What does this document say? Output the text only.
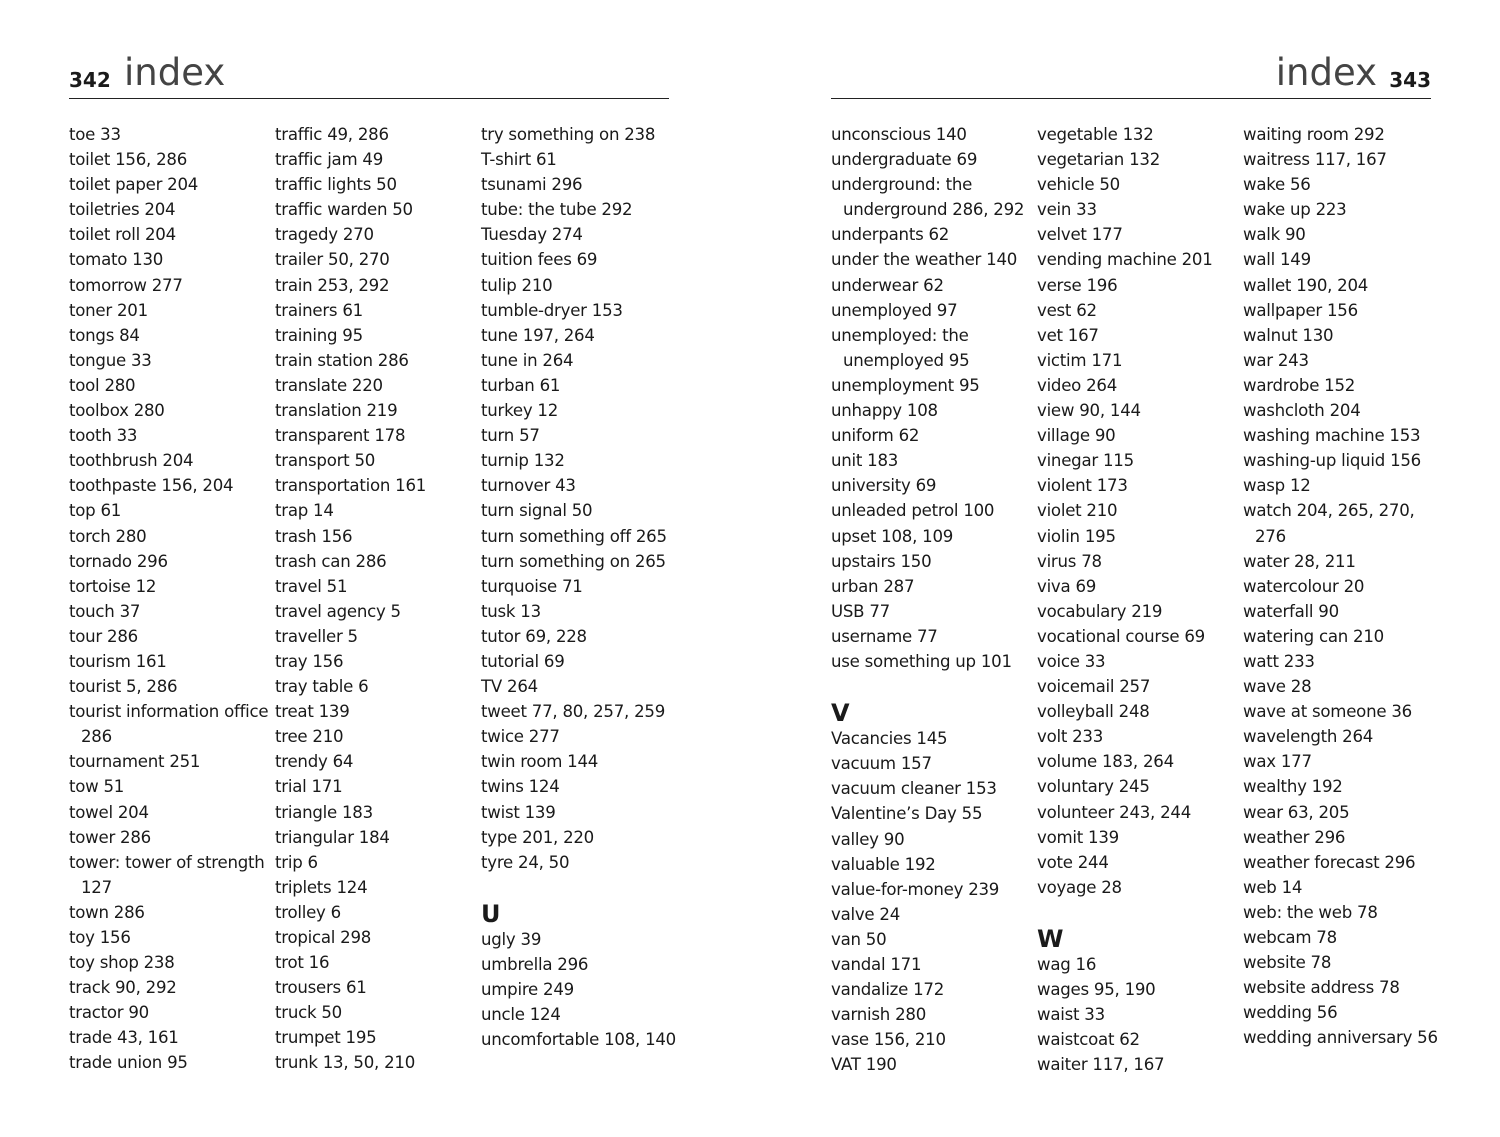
342 index
toe 33
toilet 156, 286
toilet paper 204
toiletries 204
toilet roll 204
tomato 130
tomorrow 277
toner 201
tongs 84
tongue 33
tool 280
toolbox 280
tooth 33
toothbrush 204
toothpaste 156, 204
top 61
torch 280
tornado 296
tortoise 12
touch 37
tour 286
tourism 161
tourist 5, 286
tourist information office 286
tournament 251
tow 51
towel 204
tower 286
tower: tower of strength 127
town 286
toy 156
toy shop 238
track 90, 292
tractor 90
trade 43, 161
trade union 95
traffic 49, 286
traffic jam 49
traffic lights 50
traffic warden 50
tragedy 270
trailer 50, 270
train 253, 292
trainers 61
training 95
train station 286
translate 220
translation 219
transparent 178
transport 50
transportation 161
trap 14
trash 156
trash can 286
travel 51
travel agency 5
traveller 5
tray 156
tray table 6
treat 139
tree 210
trendy 64
trial 171
triangle 183
triangular 184
trip 6
triplets 124
trolley 6
tropical 298
trot 16
trousers 61
truck 50
trumpet 195
trunk 13, 50, 210
try something on 238
T-shirt 61
tsunami 296
tube: the tube 292
Tuesday 274
tuition fees 69
tulip 210
tumble-dryer 153
tune 197, 264
tune in 264
turban 61
turkey 12
turn 57
turnip 132
turnover 43
turn signal 50
turn something off 265
turn something on 265
turquoise 71
tusk 13
tutor 69, 228
tutorial 69
TV 264
tweet 77, 80, 257, 259
twice 277
twin room 144
twins 124
twist 139
type 201, 220
tyre 24, 50
U
ugly 39
umbrella 296
umpire 249
uncle 124
uncomfortable 108, 140
index 343
unconscious 140
undergraduate 69
underground: the underground 286, 292
underpants 62
under the weather 140
underwear 62
unemployed 97
unemployed: the unemployed 95
unemployment 95
unhappy 108
uniform 62
unit 183
university 69
unleaded petrol 100
upset 108, 109
upstairs 150
urban 287
USB 77
username 77
use something up 101
V
Vacancies 145
vacuum 157
vacuum cleaner 153
Valentine’s Day 55
valley 90
valuable 192
value-for-money 239
valve 24
van 50
vandal 171
vandalize 172
varnish 280
vase 156, 210
VAT 190
vegetable 132
vegetarian 132
vehicle 50
vein 33
velvet 177
vending machine 201
verse 196
vest 62
vet 167
victim 171
video 264
view 90, 144
village 90
vinegar 115
violent 173
violet 210
violin 195
virus 78
viva 69
vocabulary 219
vocational course 69
voice 33
voicemail 257
volleyball 248
volt 233
volume 183, 264
voluntary 245
volunteer 243, 244
vomit 139
vote 244
voyage 28
W
wag 16
wages 95, 190
waist 33
waistcoat 62
waiter 117, 167
waiting room 292
waitress 117, 167
wake 56
wake up 223
walk 90
wall 149
wallet 190, 204
wallpaper 156
walnut 130
war 243
wardrobe 152
washcloth 204
washing machine 153
washing-up liquid 156
wasp 12
watch 204, 265, 270, 276
water 28, 211
watercolour 20
waterfall 90
watering can 210
watt 233
wave 28
wave at someone 36
wavelength 264
wax 177
wealthy 192
wear 63, 205
weather 296
weather forecast 296
web 14
web: the web 78
webcam 78
website 78
website address 78
wedding 56
wedding anniversary 56
